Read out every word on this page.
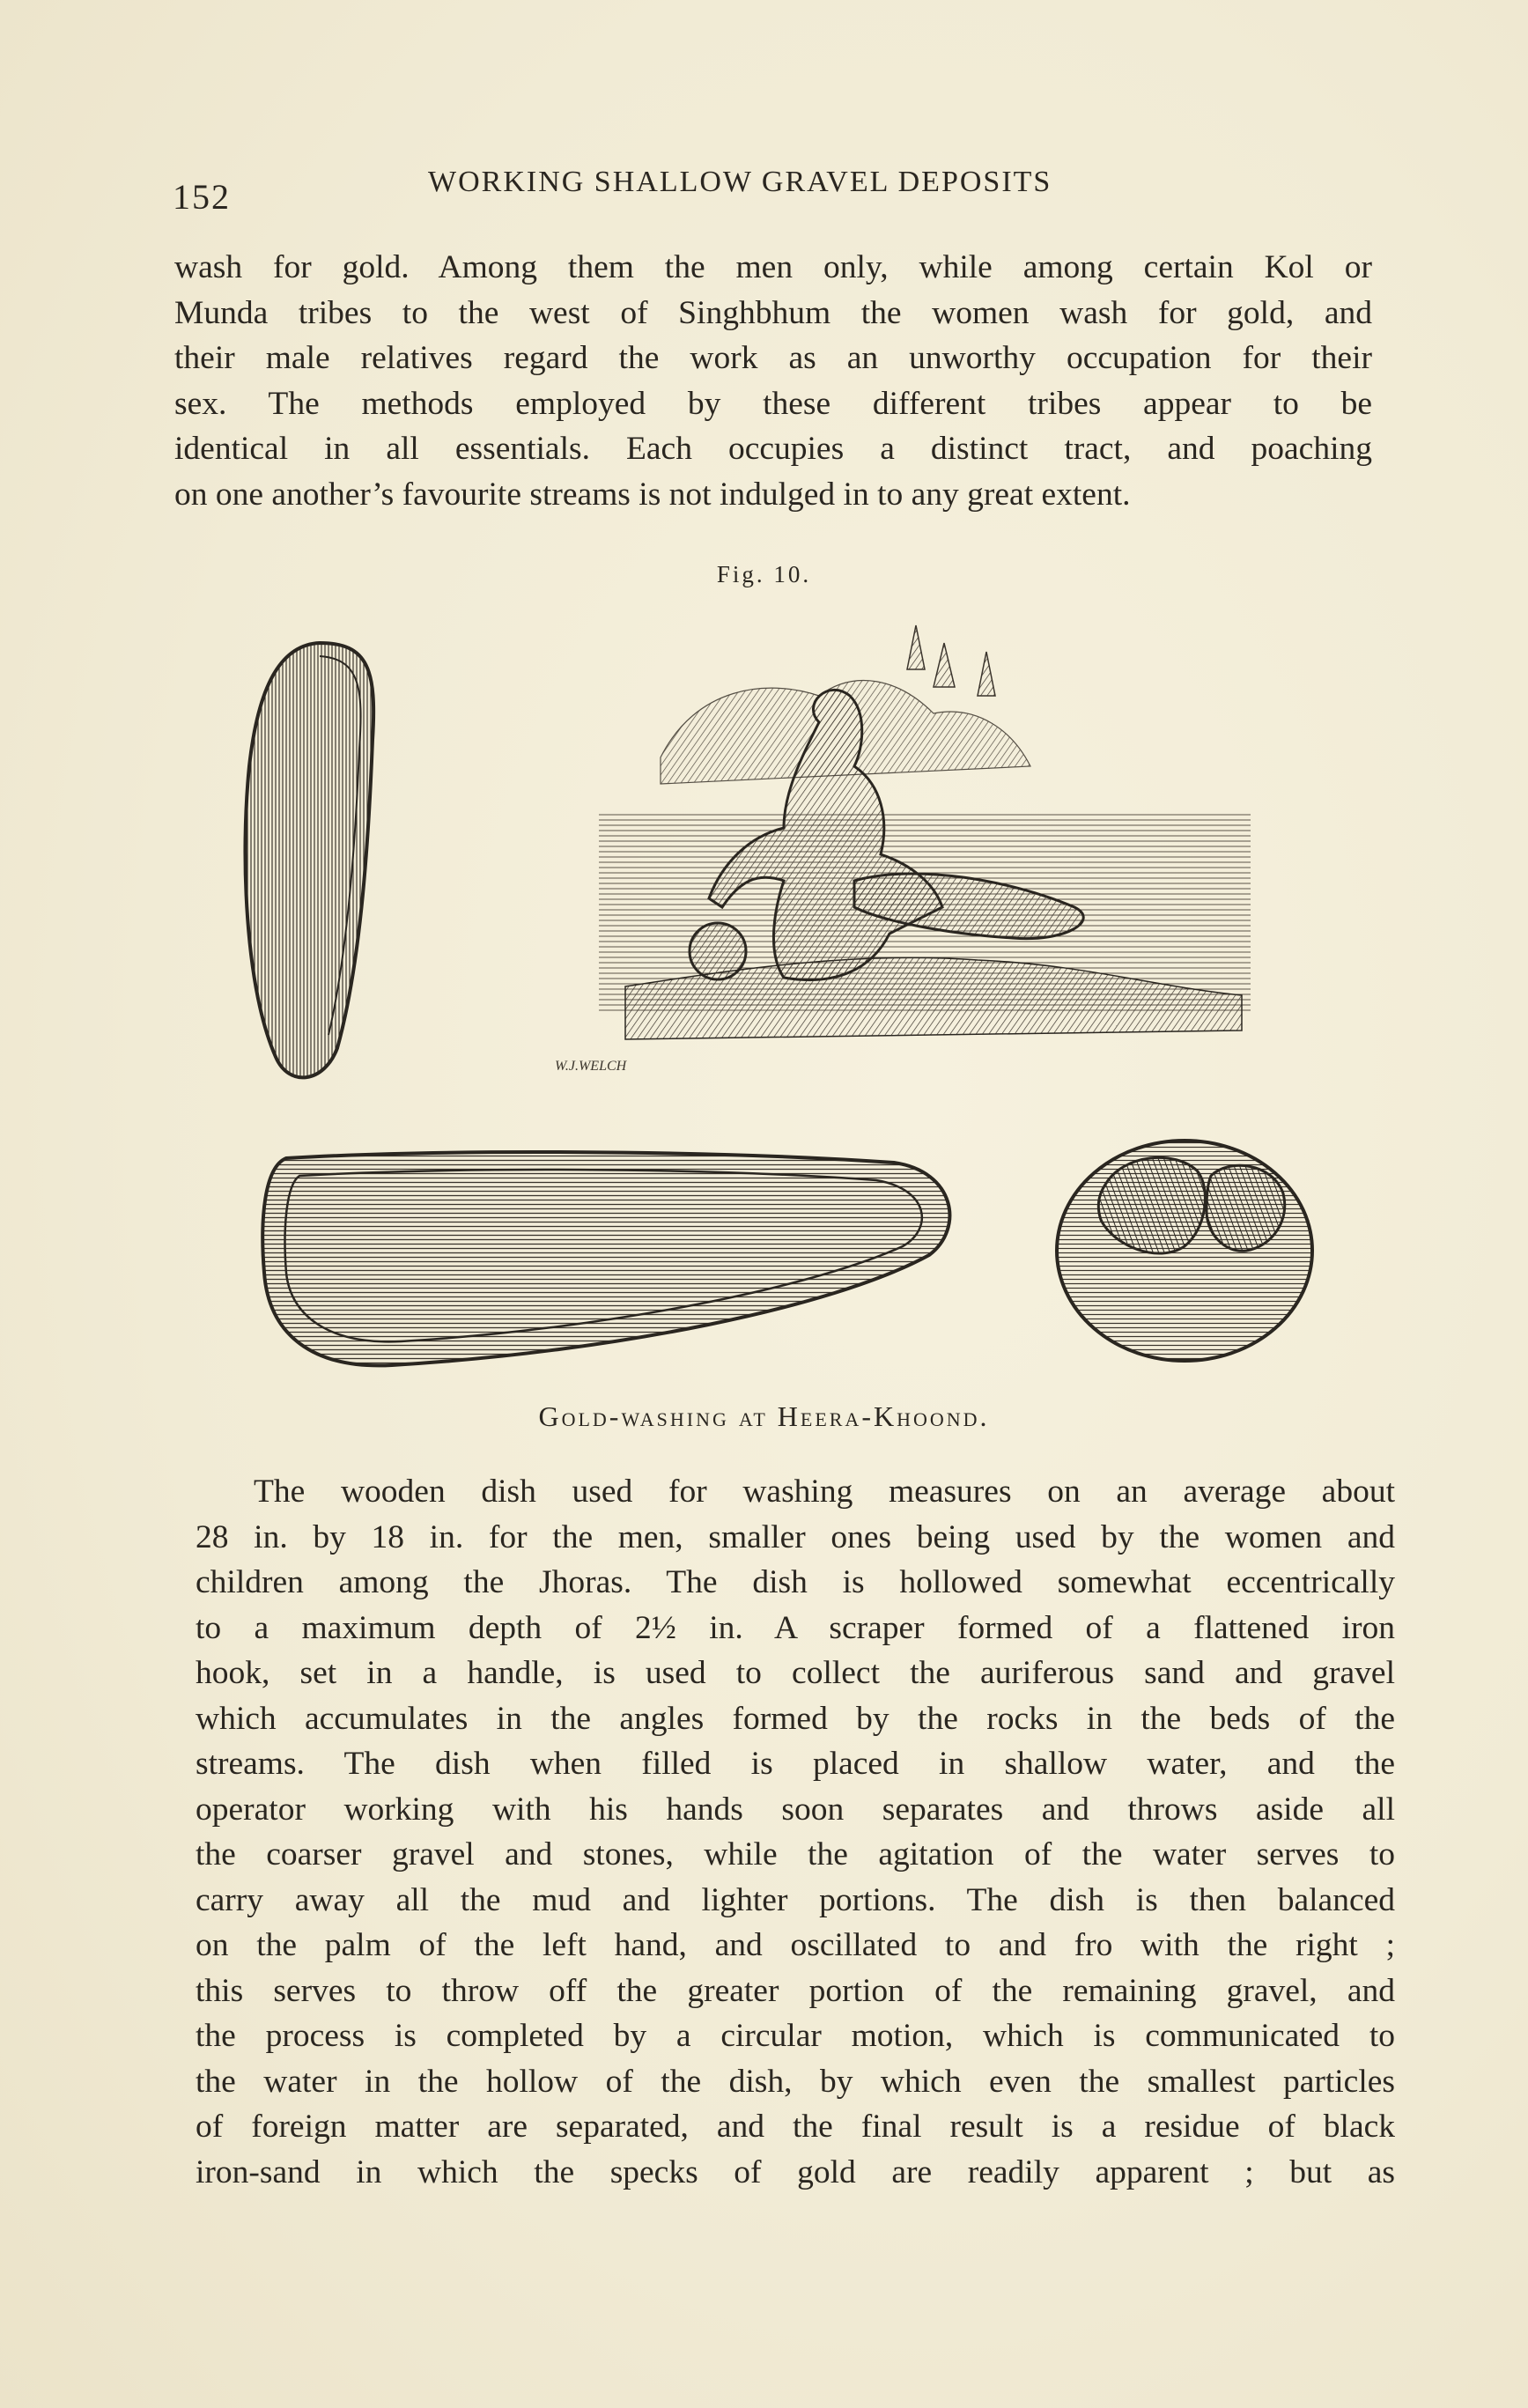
152	WORKING SHALLOW GRAVEL DEPOSITS

wash for gold. Among them the men only, while among certain Kol or
Munda tribes to the west of Singhbhum the women wash for gold, and
their male relatives regard the work as an unworthy occupation for their
sex. The methods employed by these different tribes appear to be
identical in all essentials. Each occupies a distinct tract, and poaching
on one another’s favourite streams is not indulged in to any great extent.

Fig. 10.
W.J.WELCH
Gold-washing at Heera-Khoond.

The wooden dish used for washing measures on an average about
28 in. by 18 in. for the men, smaller ones being used by the women and
children among the Jhoras. The dish is hollowed somewhat eccentrically
to a maximum depth of 2½ in. A scraper formed of a flattened iron
hook, set in a handle, is used to collect the auriferous sand and gravel
which accumulates in the angles formed by the rocks in the beds of the
streams. The dish when filled is placed in shallow water, and the
operator working with his hands soon separates and throws aside all
the coarser gravel and stones, while the agitation of the water serves to
carry away all the mud and lighter portions. The dish is then balanced
on the palm of the left hand, and oscillated to and fro with the right ;
this serves to throw off the greater portion of the remaining gravel, and
the process is completed by a circular motion, which is communicated to
the water in the hollow of the dish, by which even the smallest particles
of foreign matter are separated, and the final result is a residue of black
iron-sand in which the specks of gold are readily apparent ; but as
